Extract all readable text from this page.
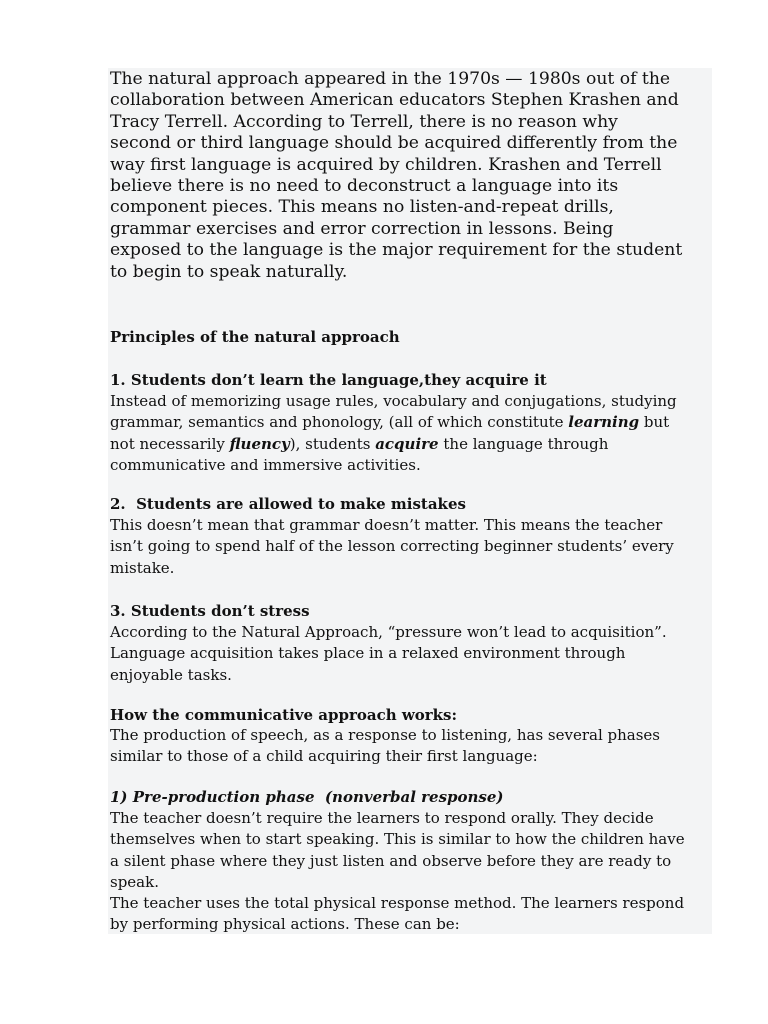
The natural approach appeared in the 1970s — 1980s out of the
collaboration between American educators Stephen Krashen and
Tracy Terrell. According to Terrell, there is no reason why
second or third language should be acquired differently from the
way first language is acquired by children. Krashen and Terrell
believe there is no need to deconstruct a language into its
component pieces. This means no listen-and-repeat drills,
grammar exercises and error correction in lessons. Being
exposed to the language is the major requirement for the student
to begin to speak naturally.

Principles of the natural approach

1. Students don’t learn the language,they acquire it

Instead of memorizing usage rules, vocabulary and conjugations, studying
grammar, semantics and phonology, (all of which constitute learning but
not necessarily fluency), students acquire the language through
communicative and immersive activities.

2.  Students are allowed to make mistakes

This doesn’t mean that grammar doesn’t matter. This means the teacher
isn’t going to spend half of the lesson correcting beginner students’ every
mistake.

3. Students don’t stress

According to the Natural Approach, “pressure won’t lead to acquisition”.
Language acquisition takes place in a relaxed environment through
enjoyable tasks.

How the communicative approach works:

The production of speech, as a response to listening, has several phases
similar to those of a child acquiring their first language:

1) Pre-production phase  (nonverbal response)

The teacher doesn’t require the learners to respond orally. They decide
themselves when to start speaking. This is similar to how the children have
a silent phase where they just listen and observe before they are ready to
speak.
The teacher uses the total physical response method. The learners respond
by performing physical actions. These can be:
